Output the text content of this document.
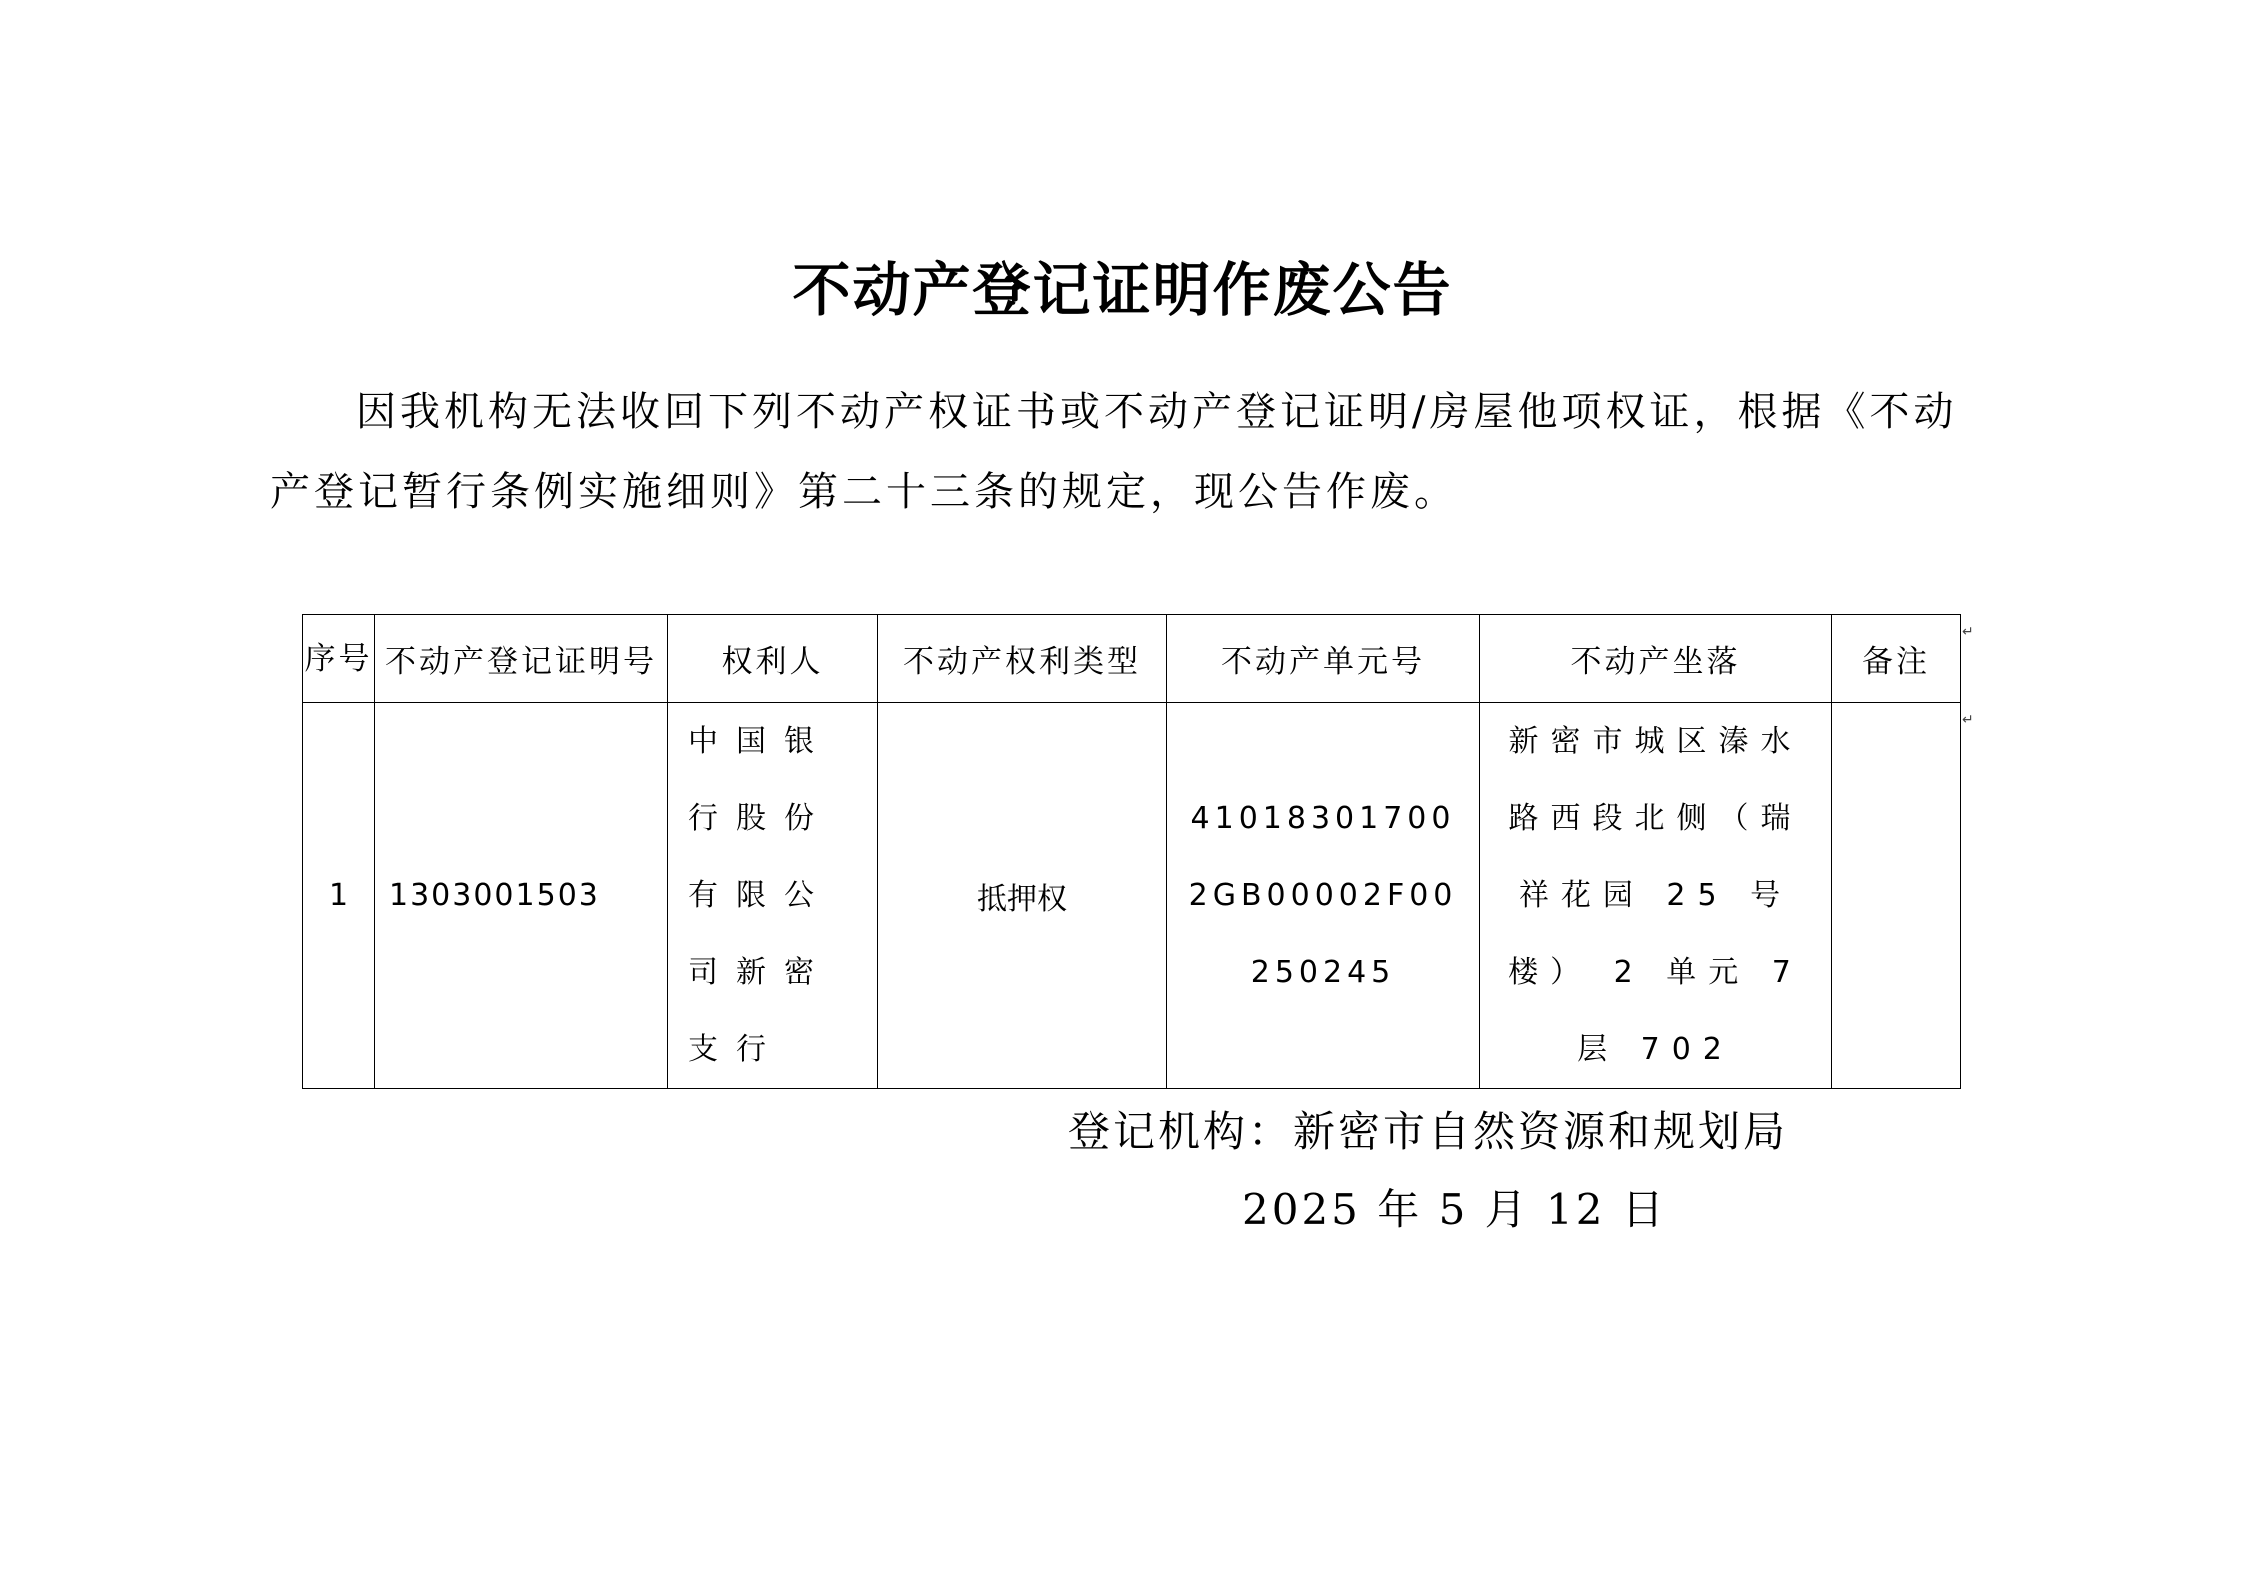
不动产登记证明作废公告
因我机构无法收回下列不动产权证书或不动产登记证明/房屋他项权证，根据《不动产登记暂行条例实施细则》第二十三条的规定，现公告作废。
序号	不动产登记证明号	权利人	不动产权利类型	不动产单元号	不动产坐落	备注
1	1303001503	中国银行股份有限公司新密支行	抵押权	410183017002GB00002F00250245	新密市城区溱水路西段北侧（瑞祥花园 25 号楼） 2 单元 7 层 702	
↵
↵
登记机构：新密市自然资源和规划局
2025 年 5 月 12 日
